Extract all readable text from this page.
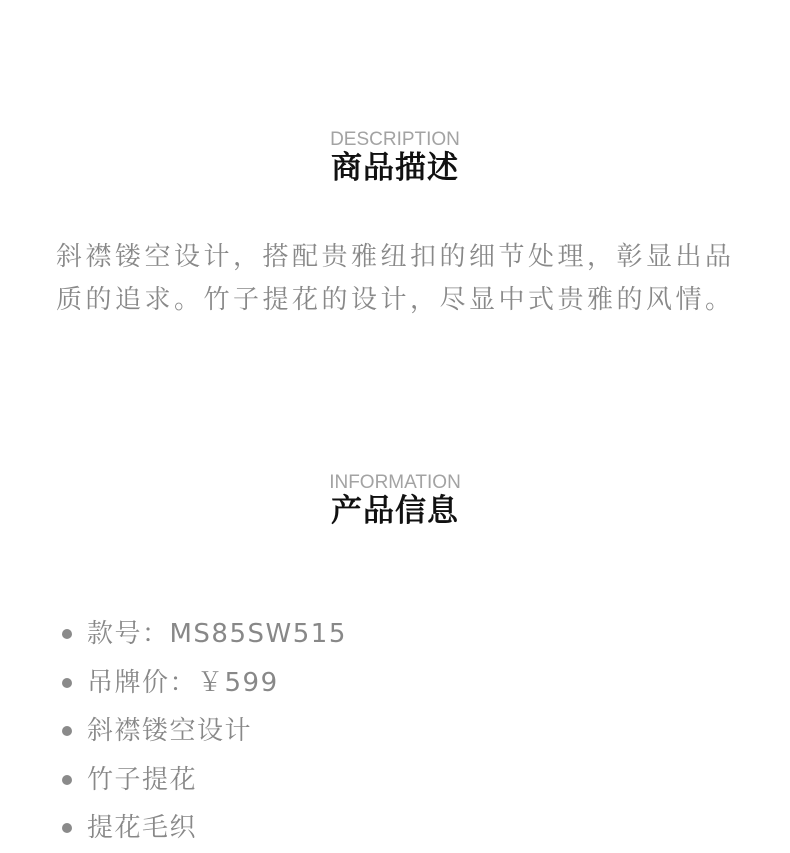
DESCRIPTION
商品描述

斜襟镂空设计，搭配贵雅纽扣的细节处理，彰显出品质的追求。竹子提花的设计，尽显中式贵雅的风情。

INFORMATION
产品信息
款号：MS85SW515
吊牌价：￥599
斜襟镂空设计
竹子提花
提花毛织
